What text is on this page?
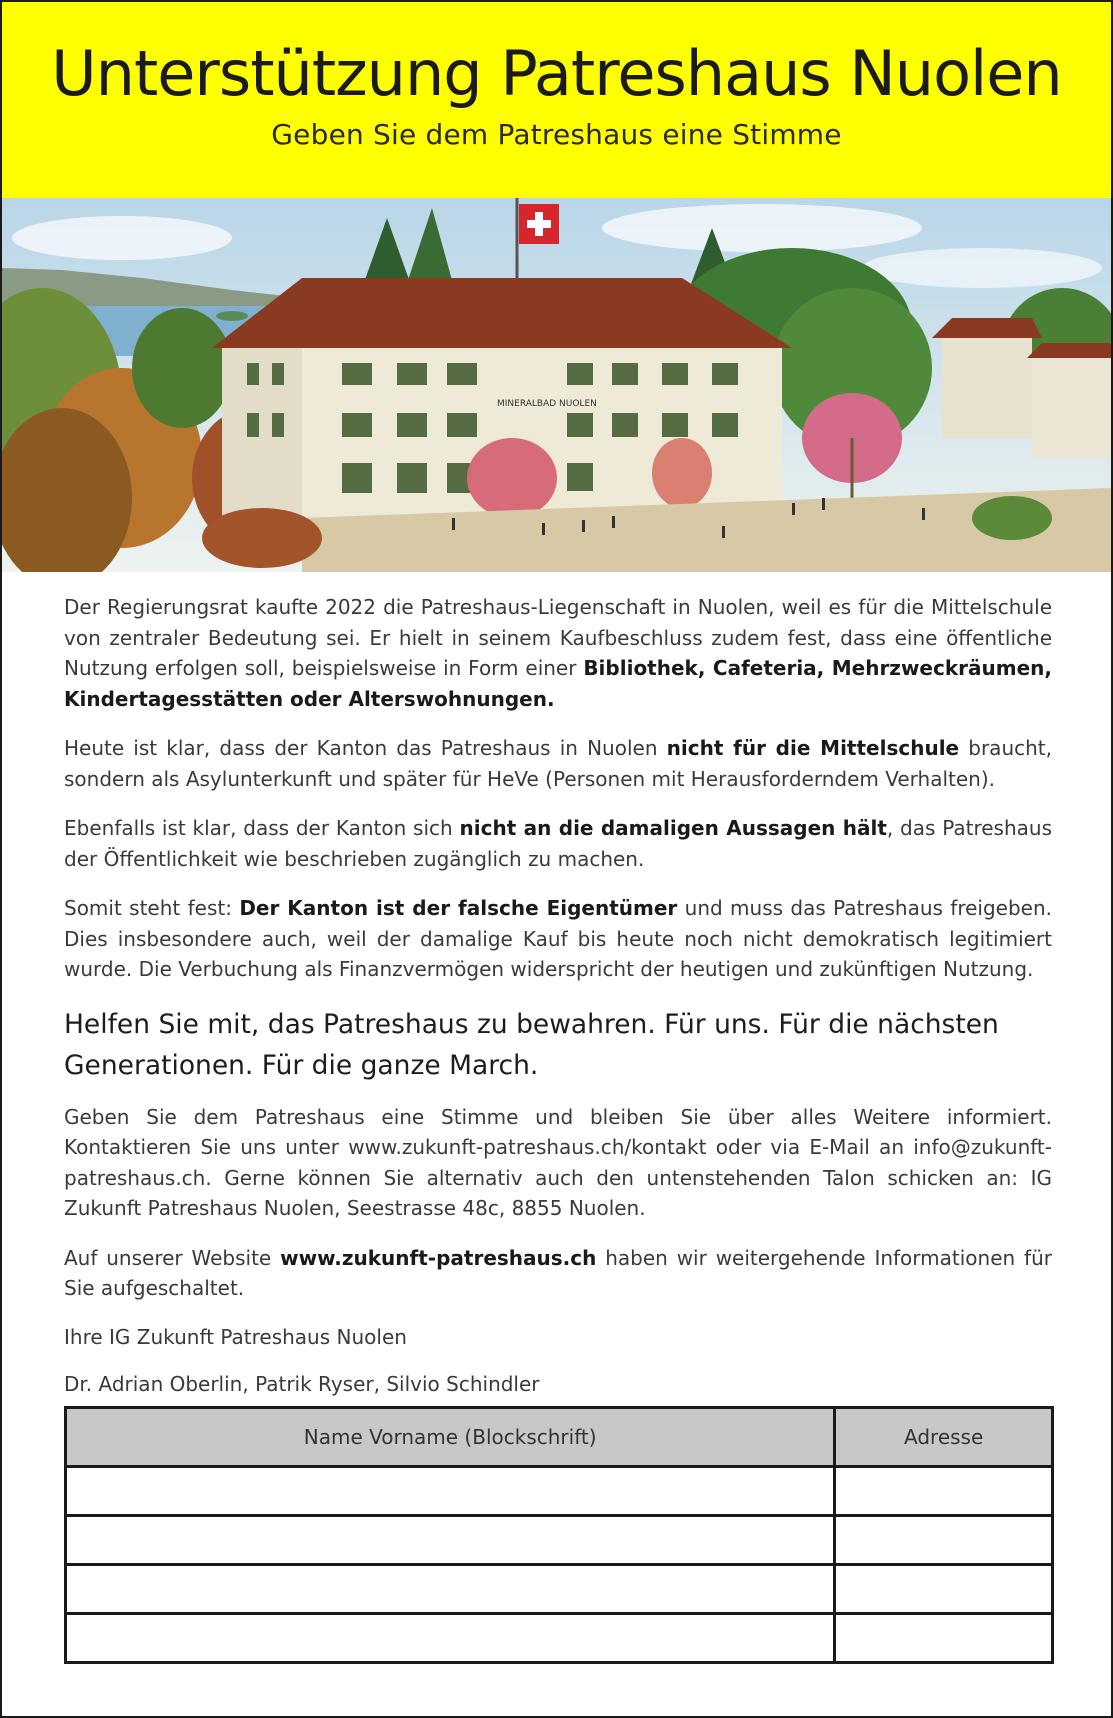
Unterstützung Patreshaus Nuolen
Geben Sie dem Patreshaus eine Stimme
MINERALBAD NUOLEN

Der Regierungsrat kaufte 2022 die Patreshaus-Liegenschaft in Nuolen, weil es für die Mittelschule von zentraler Bedeutung sei. Er hielt in seinem Kaufbeschluss zudem fest, dass eine öffentliche Nutzung erfolgen soll, beispielsweise in Form einer Bibliothek, Cafeteria, Mehrzweckräumen, Kindertagesstätten oder Alterswohnungen.

Heute ist klar, dass der Kanton das Patreshaus in Nuolen nicht für die Mittelschule braucht, sondern als Asylunterkunft und später für HeVe (Personen mit Herausforderndem Verhalten).

Ebenfalls ist klar, dass der Kanton sich nicht an die damaligen Aussagen hält, das Patreshaus der Öffentlichkeit wie beschrieben zugänglich zu machen.

Somit steht fest: Der Kanton ist der falsche Eigentümer und muss das Patreshaus freigeben. Dies insbesondere auch, weil der damalige Kauf bis heute noch nicht demokratisch legitimiert wurde. Die Verbuchung als Finanzvermögen widerspricht der heutigen und zukünftigen Nutzung.

Helfen Sie mit, das Patreshaus zu bewahren. Für uns. Für die nächsten Generationen. Für die ganze March.

Geben Sie dem Patreshaus eine Stimme und bleiben Sie über alles Weitere informiert. Kontaktieren Sie uns unter www.zukunft-patreshaus.ch/kontakt oder via E-Mail an info@zukunft-patreshaus.ch. Gerne können Sie alternativ auch den untenstehenden Talon schicken an: IG Zukunft Patreshaus Nuolen, Seestrasse 48c, 8855 Nuolen.

Auf unserer Website www.zukunft-patreshaus.ch haben wir weitergehende Informationen für Sie aufgeschaltet.

Ihre IG Zukunft Patreshaus Nuolen

Dr. Adrian Oberlin, Patrik Ryser, Silvio Schindler

Name Vorname (Blockschrift)	Adresse
